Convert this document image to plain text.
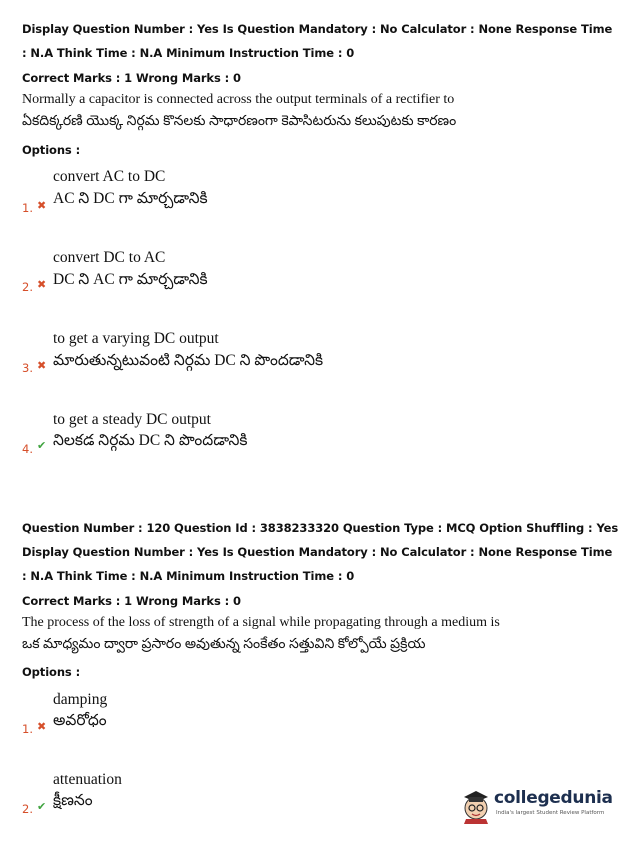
Display Question Number : Yes Is Question Mandatory : No Calculator : None Response Time
: N.A Think Time : N.A Minimum Instruction Time : 0
Correct Marks : 1 Wrong Marks : 0
Normally a capacitor is connected across the output terminals of a rectifier to
ఏకదిక్కరణి యొక్క నిర్గమ కొనలకు సాధారణంగా కెపాసిటరును కలుపుటకు కారణం
Options :
convert AC to DC
AC ని DC గా మార్చడానికి
1. ✖
convert DC to AC
DC ని AC గా మార్చడానికి
2. ✖
to get a varying DC output
మారుతున్నటువంటి నిర్గమ DC ని పొందడానికి
3. ✖
to get a steady DC output
నిలకడ నిర్గమ DC ని పొందడానికి
4. ✔
Question Number : 120 Question Id : 3838233320 Question Type : MCQ Option Shuffling : Yes
Display Question Number : Yes Is Question Mandatory : No Calculator : None Response Time
: N.A Think Time : N.A Minimum Instruction Time : 0
Correct Marks : 1 Wrong Marks : 0
The process of the loss of strength of a signal while propagating through a medium is
ఒక మాధ్యమం ద్వారా ప్రసారం అవుతున్న సంకేతం సత్తువిని కోల్పోయే ప్రక్రియ
Options :
damping
అవరోధం
1. ✖
attenuation
క్షీణనం
2. ✔	collegedunia
India's largest Student Review Platform
